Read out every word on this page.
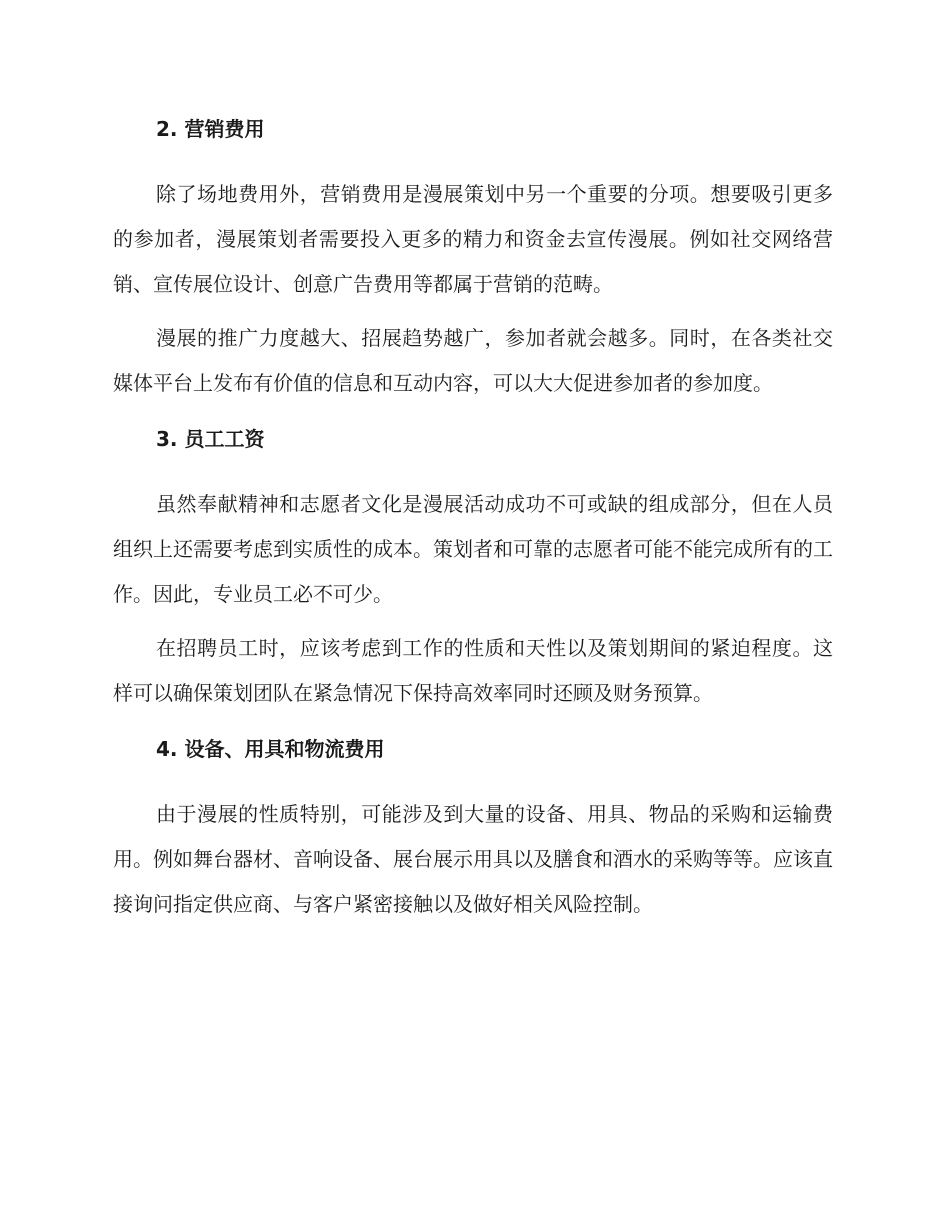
2. 营销费用

除了场地费用外，营销费用是漫展策划中另一个重要的分项。想要吸引更多的参加者，漫展策划者需要投入更多的精力和资金去宣传漫展。例如社交网络营销、宣传展位设计、创意广告费用等都属于营销的范畴。

漫展的推广力度越大、招展趋势越广，参加者就会越多。同时，在各类社交媒体平台上发布有价值的信息和互动内容，可以大大促进参加者的参加度。

3. 员工工资

虽然奉献精神和志愿者文化是漫展活动成功不可或缺的组成部分，但在人员组织上还需要考虑到实质性的成本。策划者和可靠的志愿者可能不能完成所有的工作。因此，专业员工必不可少。

在招聘员工时，应该考虑到工作的性质和天性以及策划期间的紧迫程度。这样可以确保策划团队在紧急情况下保持高效率同时还顾及财务预算。

4. 设备、用具和物流费用

由于漫展的性质特别，可能涉及到大量的设备、用具、物品的采购和运输费用。例如舞台器材、音响设备、展台展示用具以及膳食和酒水的采购等等。应该直接询问指定供应商、与客户紧密接触以及做好相关风险控制。
